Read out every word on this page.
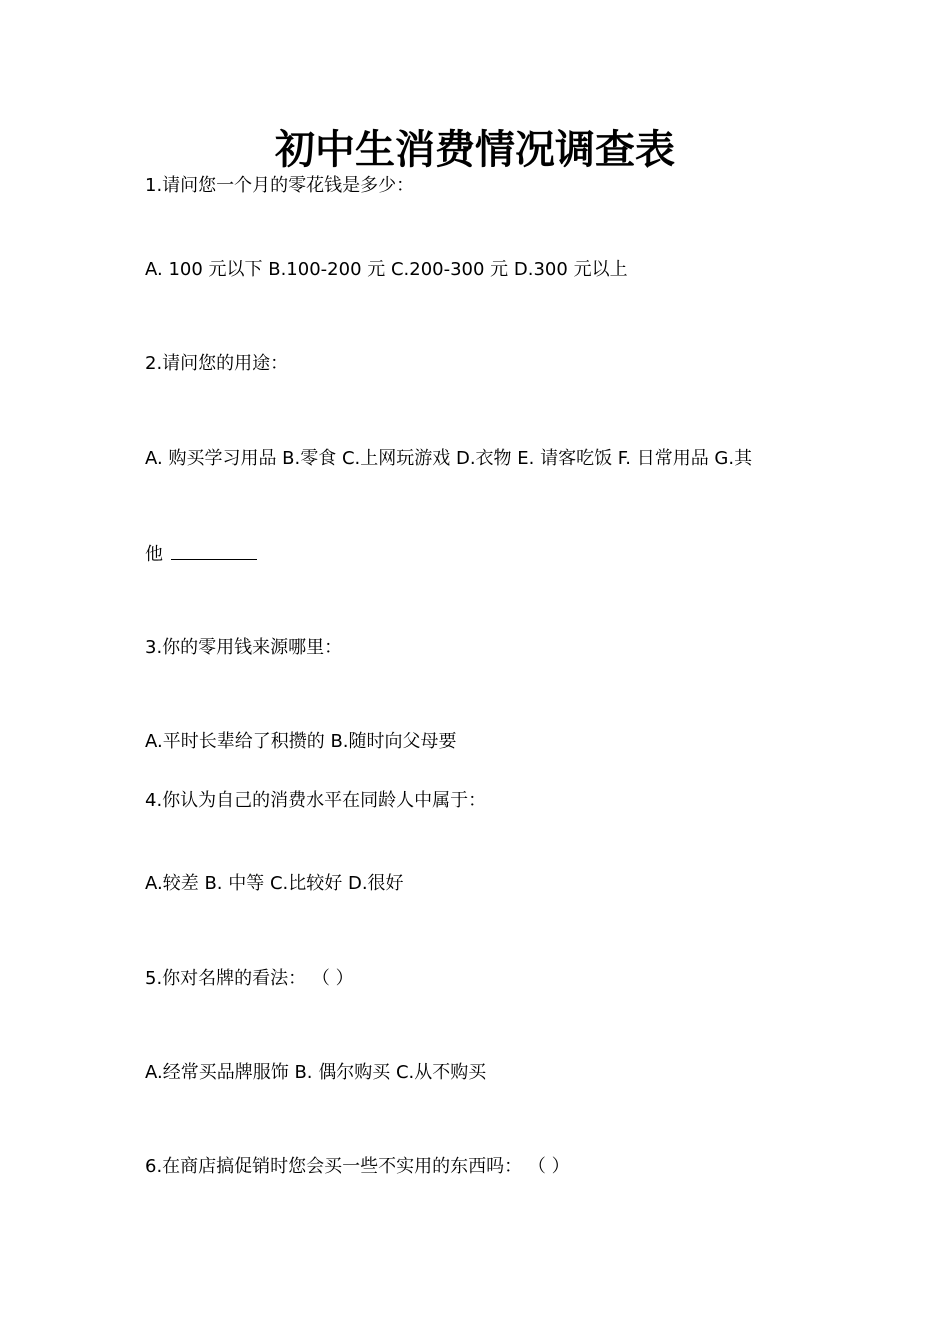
初中生消费情况调查表
1.请问您一个月的零花钱是多少：
A. 100 元以下 B.100-200 元 C.200-300 元 D.300 元以上
2.请问您的用途：
A. 购买学习用品 B.零食 C.上网玩游戏 D.衣物 E. 请客吃饭 F. 日常用品 G.其
他
3.你的零用钱来源哪里：
A.平时长辈给了积攒的 B.随时向父母要
4.你认为自己的消费水平在同龄人中属于：
A.较差 B. 中等 C.比较好 D.很好
5.你对名牌的看法： （ ）
A.经常买品牌服饰 B. 偶尔购买 C.从不购买
6.在商店搞促销时您会买一些不实用的东西吗： （ ）
